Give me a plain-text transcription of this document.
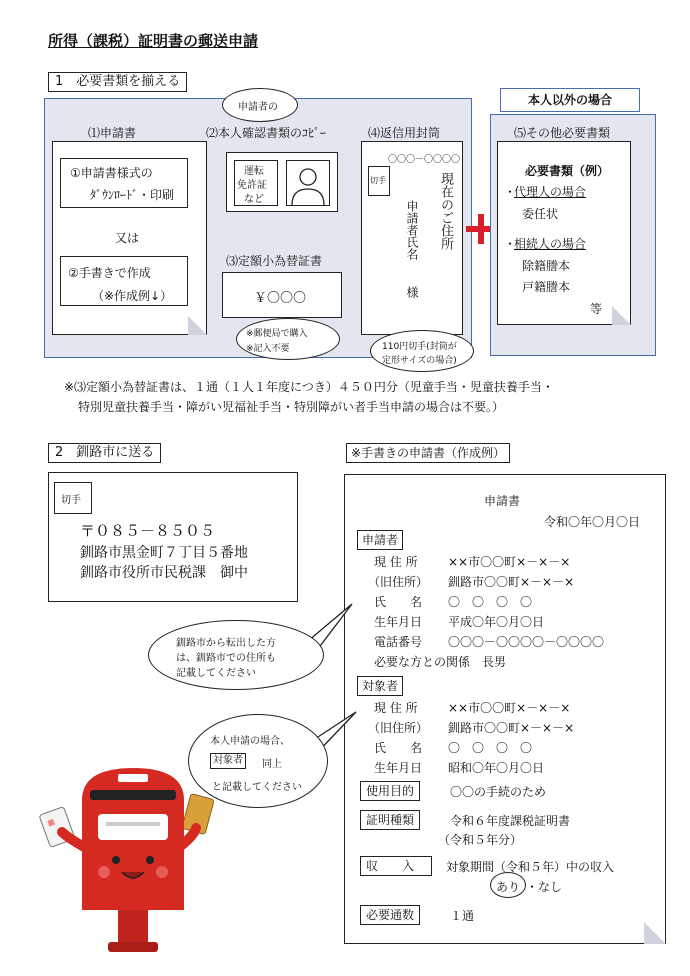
所得（課税）証明書の郵送申請
1　必要書類を揃える
⑴申請書
①申請書様式の
ﾀﾞｳﾝﾛｰﾄﾞ・印刷
又は
②手書きで作成
（※作成例↓）
申請者の
⑵本人確認書類のｺﾋﾟｰ
運転
免許証
など
⑶定額小為替証書
￥〇〇〇
※郵便局で購入
※記入不要
⑷返信用封筒
〇〇〇－〇〇〇〇
切手	現在のご住所
申請者氏名
様
110円切手(封筒が
定形サイズの場合)
本人以外の場合
⑸その他必要書類
必要書類（例）
・
代理人の場合
委任状
・
相続人の場合
除籍謄本
戸籍謄本
等
※⑶定額小為替証書は、１通（１人１年度につき）４５０円分（児童手当・児童扶養手当・
特別児童扶養手当・障がい児福祉手当・特別障がい者手当申請の場合は不要。）
2　釧路市に送る
切手
〒０８５－８５０５
釧路市黒金町７丁目５番地
釧路市役所市民税課　御中
※手書きの申請書（作成例）
申請書
令和〇年〇月〇日
申請者
現 住 所	××市〇〇町×－×－×
（旧住所） 釧路市〇〇町×－×－×
氏　　名 〇　〇　〇　〇
生年月日 平成〇年〇月〇日
電話番号 〇〇〇－〇〇〇〇－〇〇〇〇
必要な方との関係　長男
対象者
現 住 所	××市〇〇町×－×－×
（旧住所） 釧路市〇〇町×－×－×
氏　　名 〇　〇　〇　〇
生年月日 昭和〇年〇月〇日
使用目的	〇〇の手続のため
証明種類	令和６年度課税証明書
（令和５年分）
収　　入	対象期間（令和５年）中の収入
あり ・なし
必要通数	１通
釧路市から転出した方
は、釧路市での住所も
記載してください
本人申請の場合、
対象者	同上
と記載してください
